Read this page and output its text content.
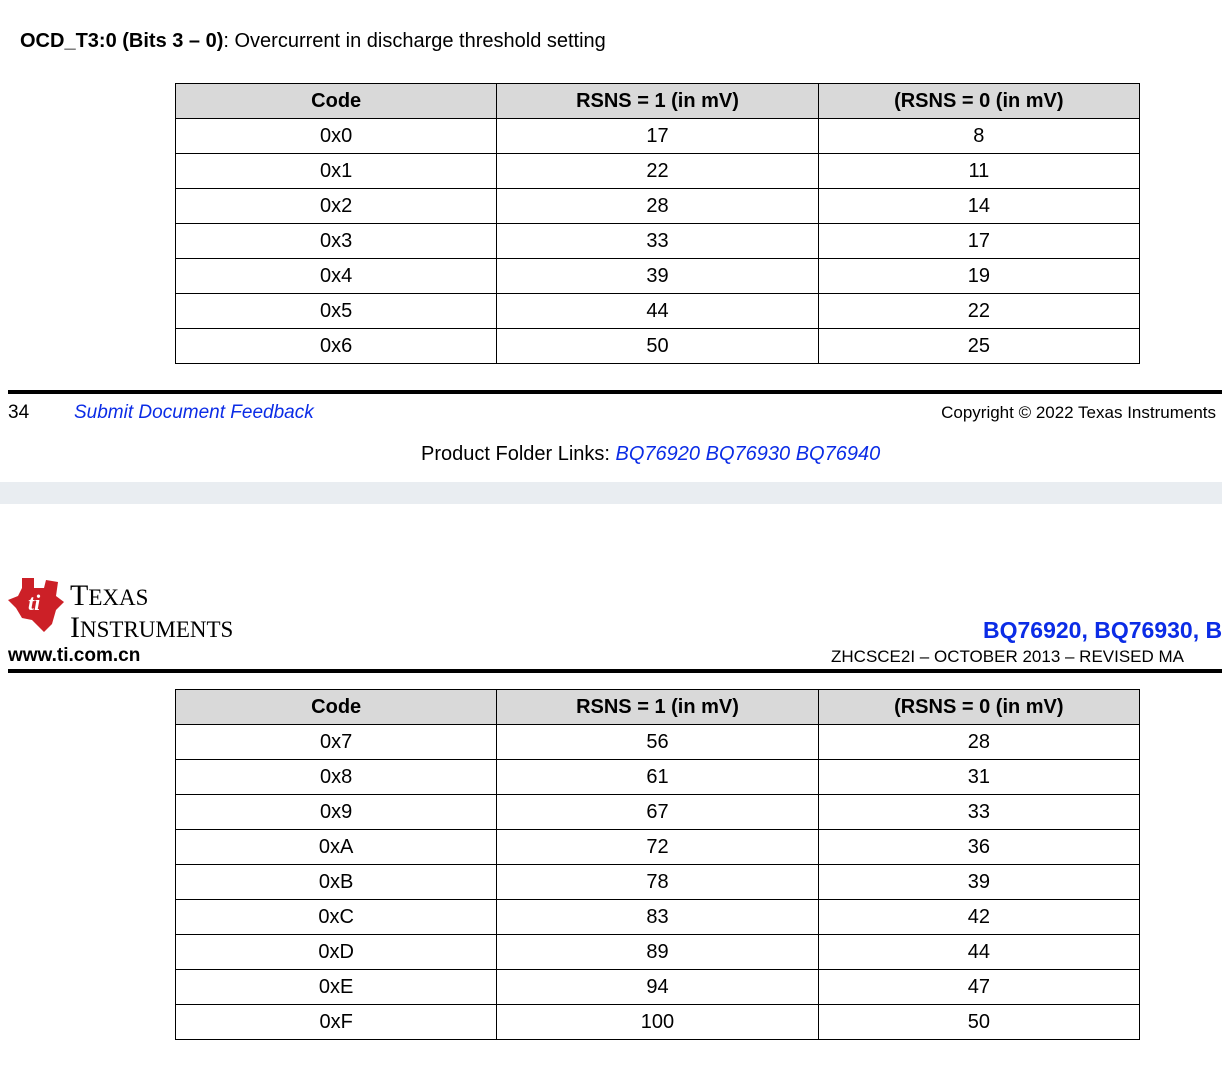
OCD_T3:0 (Bits 3 – 0): Overcurrent in discharge threshold setting
Code	RSNS = 1 (in mV)	(RSNS = 0 (in mV)
0x0	17	8
0x1	22	11
0x2	28	14
0x3	33	17
0x4	39	19
0x5	44	22
0x6	50	25
34 Submit Document Feedback	Copyright © 2022 Texas Instruments
Product Folder Links: BQ76920 BQ76930 BQ76940
ti TEXAS
INSTRUMENTS
www.ti.com.cn
BQ76920, BQ76930, B
ZHCSCE2I – OCTOBER 2013 – REVISED MA
Code	RSNS = 1 (in mV)	(RSNS = 0 (in mV)
0x7	56	28
0x8	61	31
0x9	67	33
0xA	72	36
0xB	78	39
0xC	83	42
0xD	89	44
0xE	94	47
0xF	100	50
